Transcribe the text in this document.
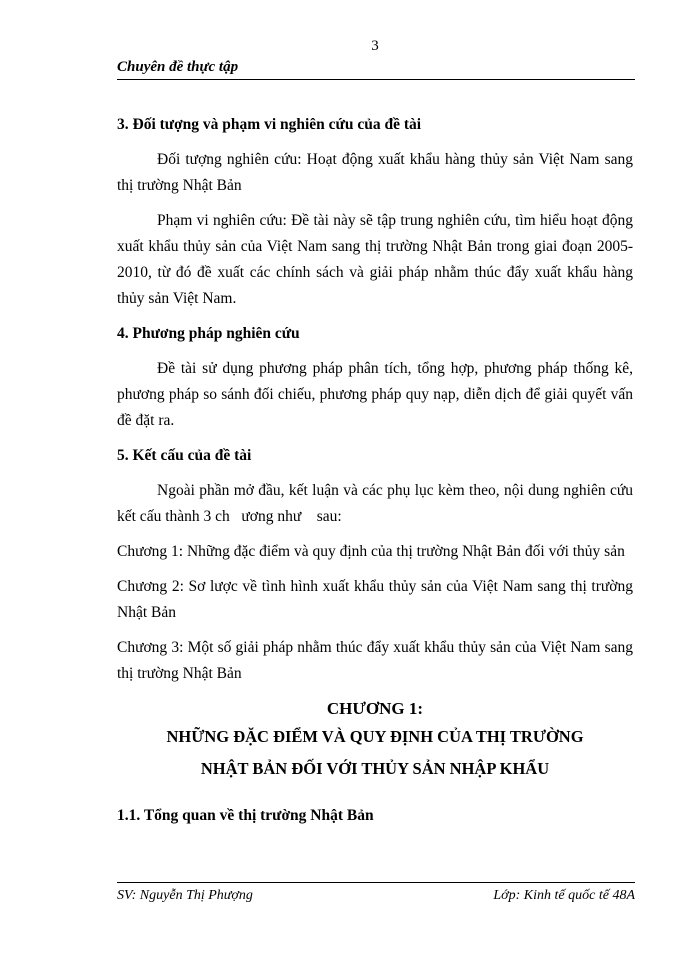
3
Chuyên đề thực tập
3. Đối tượng và phạm vi nghiên cứu của đề tài
Đối tượng nghiên cứu: Hoạt động xuất khẩu hàng thủy sản Việt Nam sang thị trường Nhật Bản
Phạm vi nghiên cứu: Đề tài này sẽ tập trung nghiên cứu, tìm hiểu hoạt động xuất khẩu thủy sản của Việt Nam sang thị trường Nhật Bản trong giai đoạn 2005-2010, từ đó đề xuất các chính sách và giải pháp nhằm thúc đẩy xuất khẩu hàng thủy sản Việt Nam.
4. Phương pháp nghiên cứu
Đề tài sử dụng phương pháp phân tích, tổng hợp, phương pháp thống kê, phương pháp so sánh đối chiếu, phương pháp quy nạp, diễn dịch để giải quyết vấn đề đặt ra.
5. Kết cấu của đề tài
Ngoài phần mở đầu, kết luận và các phụ lục kèm theo, nội dung nghiên cứu kết cấu thành 3 ch   ương như    sau:
Chương 1: Những đặc điểm và quy định của thị trường Nhật Bản đối với thủy sản
Chương 2: Sơ lược về tình hình xuất khẩu thủy sản của Việt Nam sang thị trường Nhật Bản
Chương 3: Một số giải pháp nhằm thúc đẩy xuất khẩu thủy sản của Việt Nam sang thị trường Nhật Bản
CHƯƠNG 1:
NHỮNG ĐẶC ĐIỂM VÀ QUY ĐỊNH CỦA THỊ TRƯỜNG
NHẬT BẢN ĐỐI VỚI THỦY SẢN NHẬP KHẨU
1.1. Tổng quan về thị trường Nhật Bản
SV: Nguyễn Thị Phượng	Lớp: Kinh tế quốc tế 48A
